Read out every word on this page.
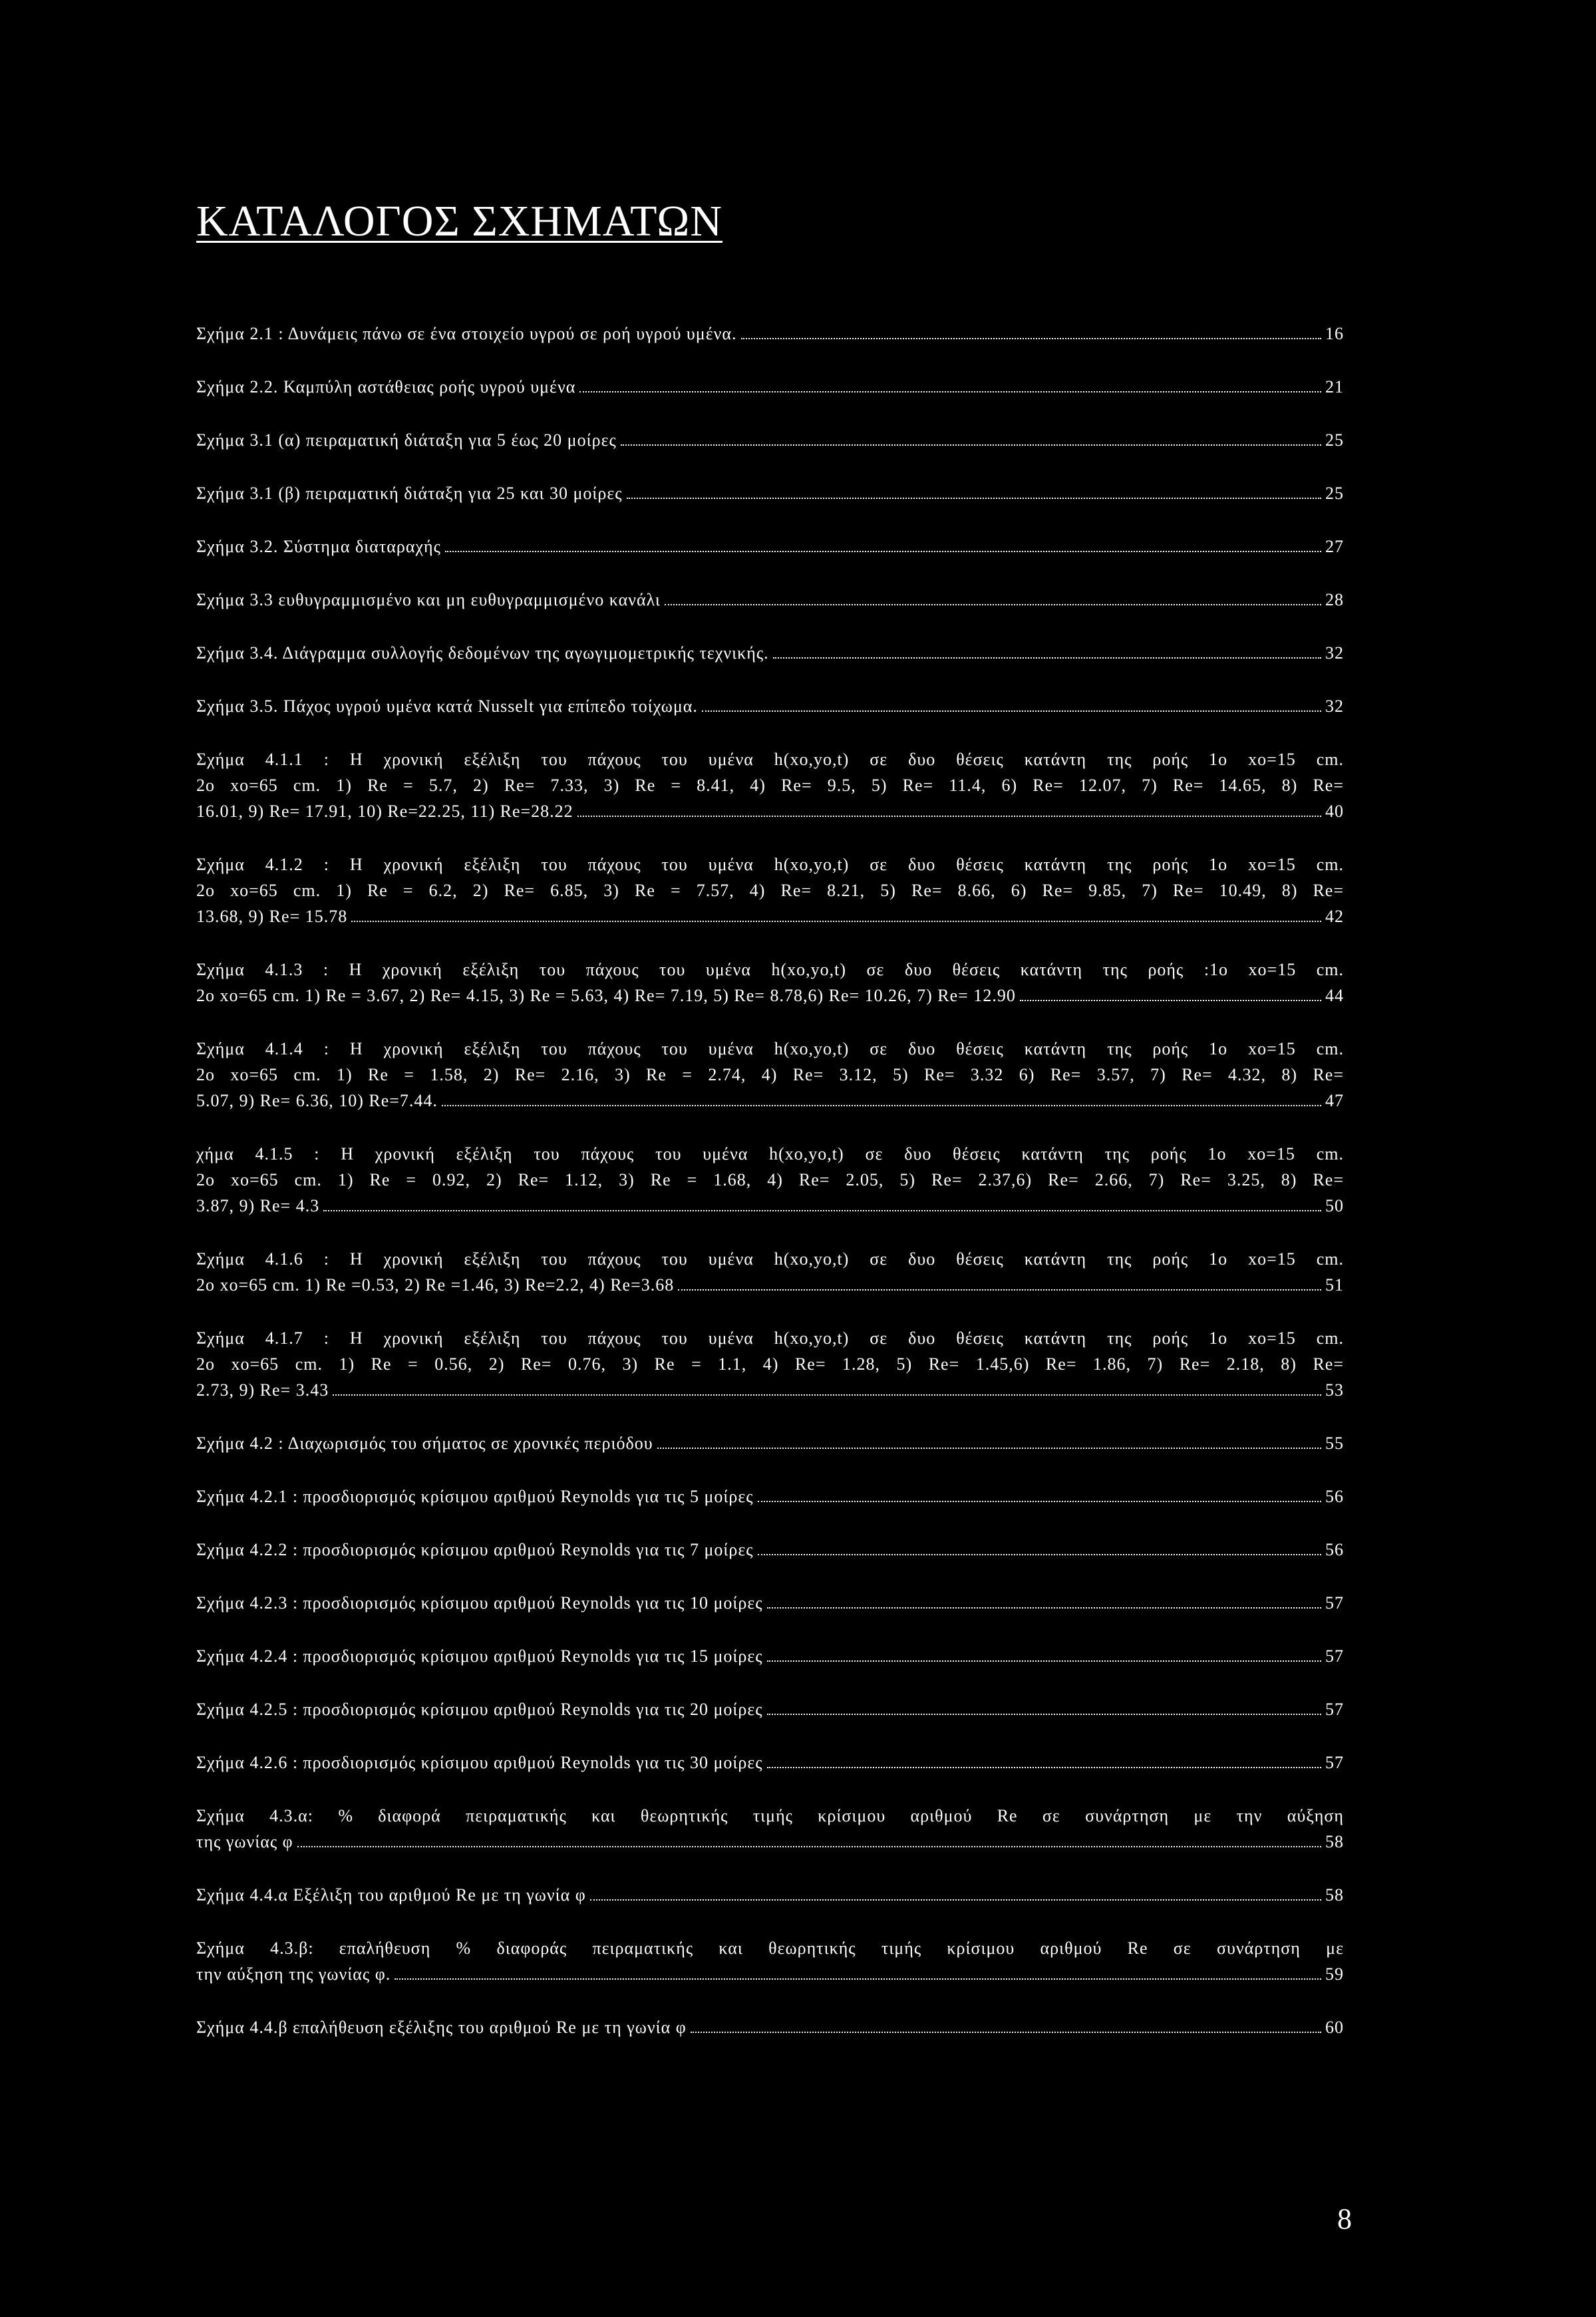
ΚΑΤΑΛΟΓΟΣ ΣΧΗΜΑΤΩΝ
Σχήμα 2.1 : Δυνάμεις πάνω σε ένα στοιχείο υγρού σε ροή υγρού υμένα.	16
Σχήμα 2.2. Καμπύλη αστάθειας ροής υγρού υμένα	21
Σχήμα 3.1 (α) πειραματική διάταξη για 5 έως 20 μοίρες	25
Σχήμα 3.1 (β) πειραματική διάταξη για 25 και 30 μοίρες	25
Σχήμα 3.2. Σύστημα διαταραχής	27
Σχήμα 3.3 ευθυγραμμισμένο και μη ευθυγραμμισμένο κανάλι	28
Σχήμα 3.4. Διάγραμμα συλλογής δεδομένων της αγωγιμομετρικής τεχνικής.	32
Σχήμα 3.5. Πάχος υγρού υμένα κατά Nusselt για επίπεδο τοίχωμα.	32
Σχήμα 4.1.1 : Η χρονική εξέλιξη του πάχους του υμένα h(xo,yo,t) σε δυο θέσεις κατάντη της ροής 1o xo=15 cm.
2o xo=65 cm. 1) Re = 5.7, 2) Re= 7.33, 3) Re = 8.41, 4) Re= 9.5, 5) Re= 11.4, 6) Re= 12.07, 7) Re= 14.65, 8) Re=
16.01, 9) Re= 17.91, 10) Re=22.25, 11) Re=28.22	40
Σχήμα 4.1.2 : Η χρονική εξέλιξη του πάχους του υμένα h(xo,yo,t) σε δυο θέσεις κατάντη της ροής 1o xo=15 cm.
2o xo=65 cm. 1) Re = 6.2, 2) Re= 6.85, 3) Re = 7.57, 4) Re= 8.21, 5) Re= 8.66, 6) Re= 9.85, 7) Re= 10.49, 8) Re=
13.68, 9) Re= 15.78	42
Σχήμα 4.1.3 : Η χρονική εξέλιξη του πάχους του υμένα h(xo,yo,t) σε δυο θέσεις κατάντη της ροής :1o xo=15 cm.
2o xo=65 cm. 1) Re = 3.67, 2) Re= 4.15, 3) Re = 5.63, 4) Re= 7.19, 5) Re= 8.78,6) Re= 10.26, 7) Re= 12.90	44
Σχήμα 4.1.4 : Η χρονική εξέλιξη του πάχους του υμένα h(xo,yo,t) σε δυο θέσεις κατάντη της ροής 1o xo=15 cm.
2o xo=65 cm. 1) Re = 1.58, 2) Re= 2.16, 3) Re = 2.74, 4) Re= 3.12, 5) Re= 3.32 6) Re= 3.57, 7) Re= 4.32, 8) Re=
5.07, 9) Re= 6.36, 10) Re=7.44.	47
χήμα 4.1.5 : Η χρονική εξέλιξη του πάχους του υμένα h(xo,yo,t) σε δυο θέσεις κατάντη της ροής 1o xo=15 cm.
2o xo=65 cm. 1) Re = 0.92, 2) Re= 1.12, 3) Re = 1.68, 4) Re= 2.05, 5) Re= 2.37,6) Re= 2.66, 7) Re= 3.25, 8) Re=
3.87, 9) Re= 4.3	50
Σχήμα 4.1.6 : Η χρονική εξέλιξη του πάχους του υμένα h(xo,yo,t) σε δυο θέσεις κατάντη της ροής 1o xo=15 cm.
2o xo=65 cm. 1) Re =0.53, 2) Re =1.46, 3) Re=2.2, 4) Re=3.68	51
Σχήμα 4.1.7 : Η χρονική εξέλιξη του πάχους του υμένα h(xo,yo,t) σε δυο θέσεις κατάντη της ροής 1o xo=15 cm.
2o xo=65 cm. 1) Re = 0.56, 2) Re= 0.76, 3) Re = 1.1, 4) Re= 1.28, 5) Re= 1.45,6) Re= 1.86, 7) Re= 2.18, 8) Re=
2.73, 9) Re= 3.43	53
Σχήμα 4.2 : Διαχωρισμός του σήματος σε χρονικές περιόδου	55
Σχήμα 4.2.1 : προσδιορισμός κρίσιμου αριθμού Reynolds για τις 5 μοίρες	56
Σχήμα 4.2.2 : προσδιορισμός κρίσιμου αριθμού Reynolds για τις 7 μοίρες	56
Σχήμα 4.2.3 : προσδιορισμός κρίσιμου αριθμού Reynolds για τις 10 μοίρες	57
Σχήμα 4.2.4 : προσδιορισμός κρίσιμου αριθμού Reynolds για τις 15 μοίρες	57
Σχήμα 4.2.5 : προσδιορισμός κρίσιμου αριθμού Reynolds για τις 20 μοίρες	57
Σχήμα 4.2.6 : προσδιορισμός κρίσιμου αριθμού Reynolds για τις 30 μοίρες	57
Σχήμα 4.3.α: % διαφορά πειραματικής και θεωρητικής τιμής κρίσιμου αριθμού Re σε συνάρτηση με την αύξηση
της γωνίας φ	58
Σχήμα 4.4.α Εξέλιξη του αριθμού Re με τη γωνία φ	58
Σχήμα 4.3.β: επαλήθευση % διαφοράς πειραματικής και θεωρητικής τιμής κρίσιμου αριθμού Re σε συνάρτηση με
την αύξηση της γωνίας φ.	59
Σχήμα 4.4.β επαλήθευση εξέλιξης του αριθμού Re με τη γωνία φ	60
8
